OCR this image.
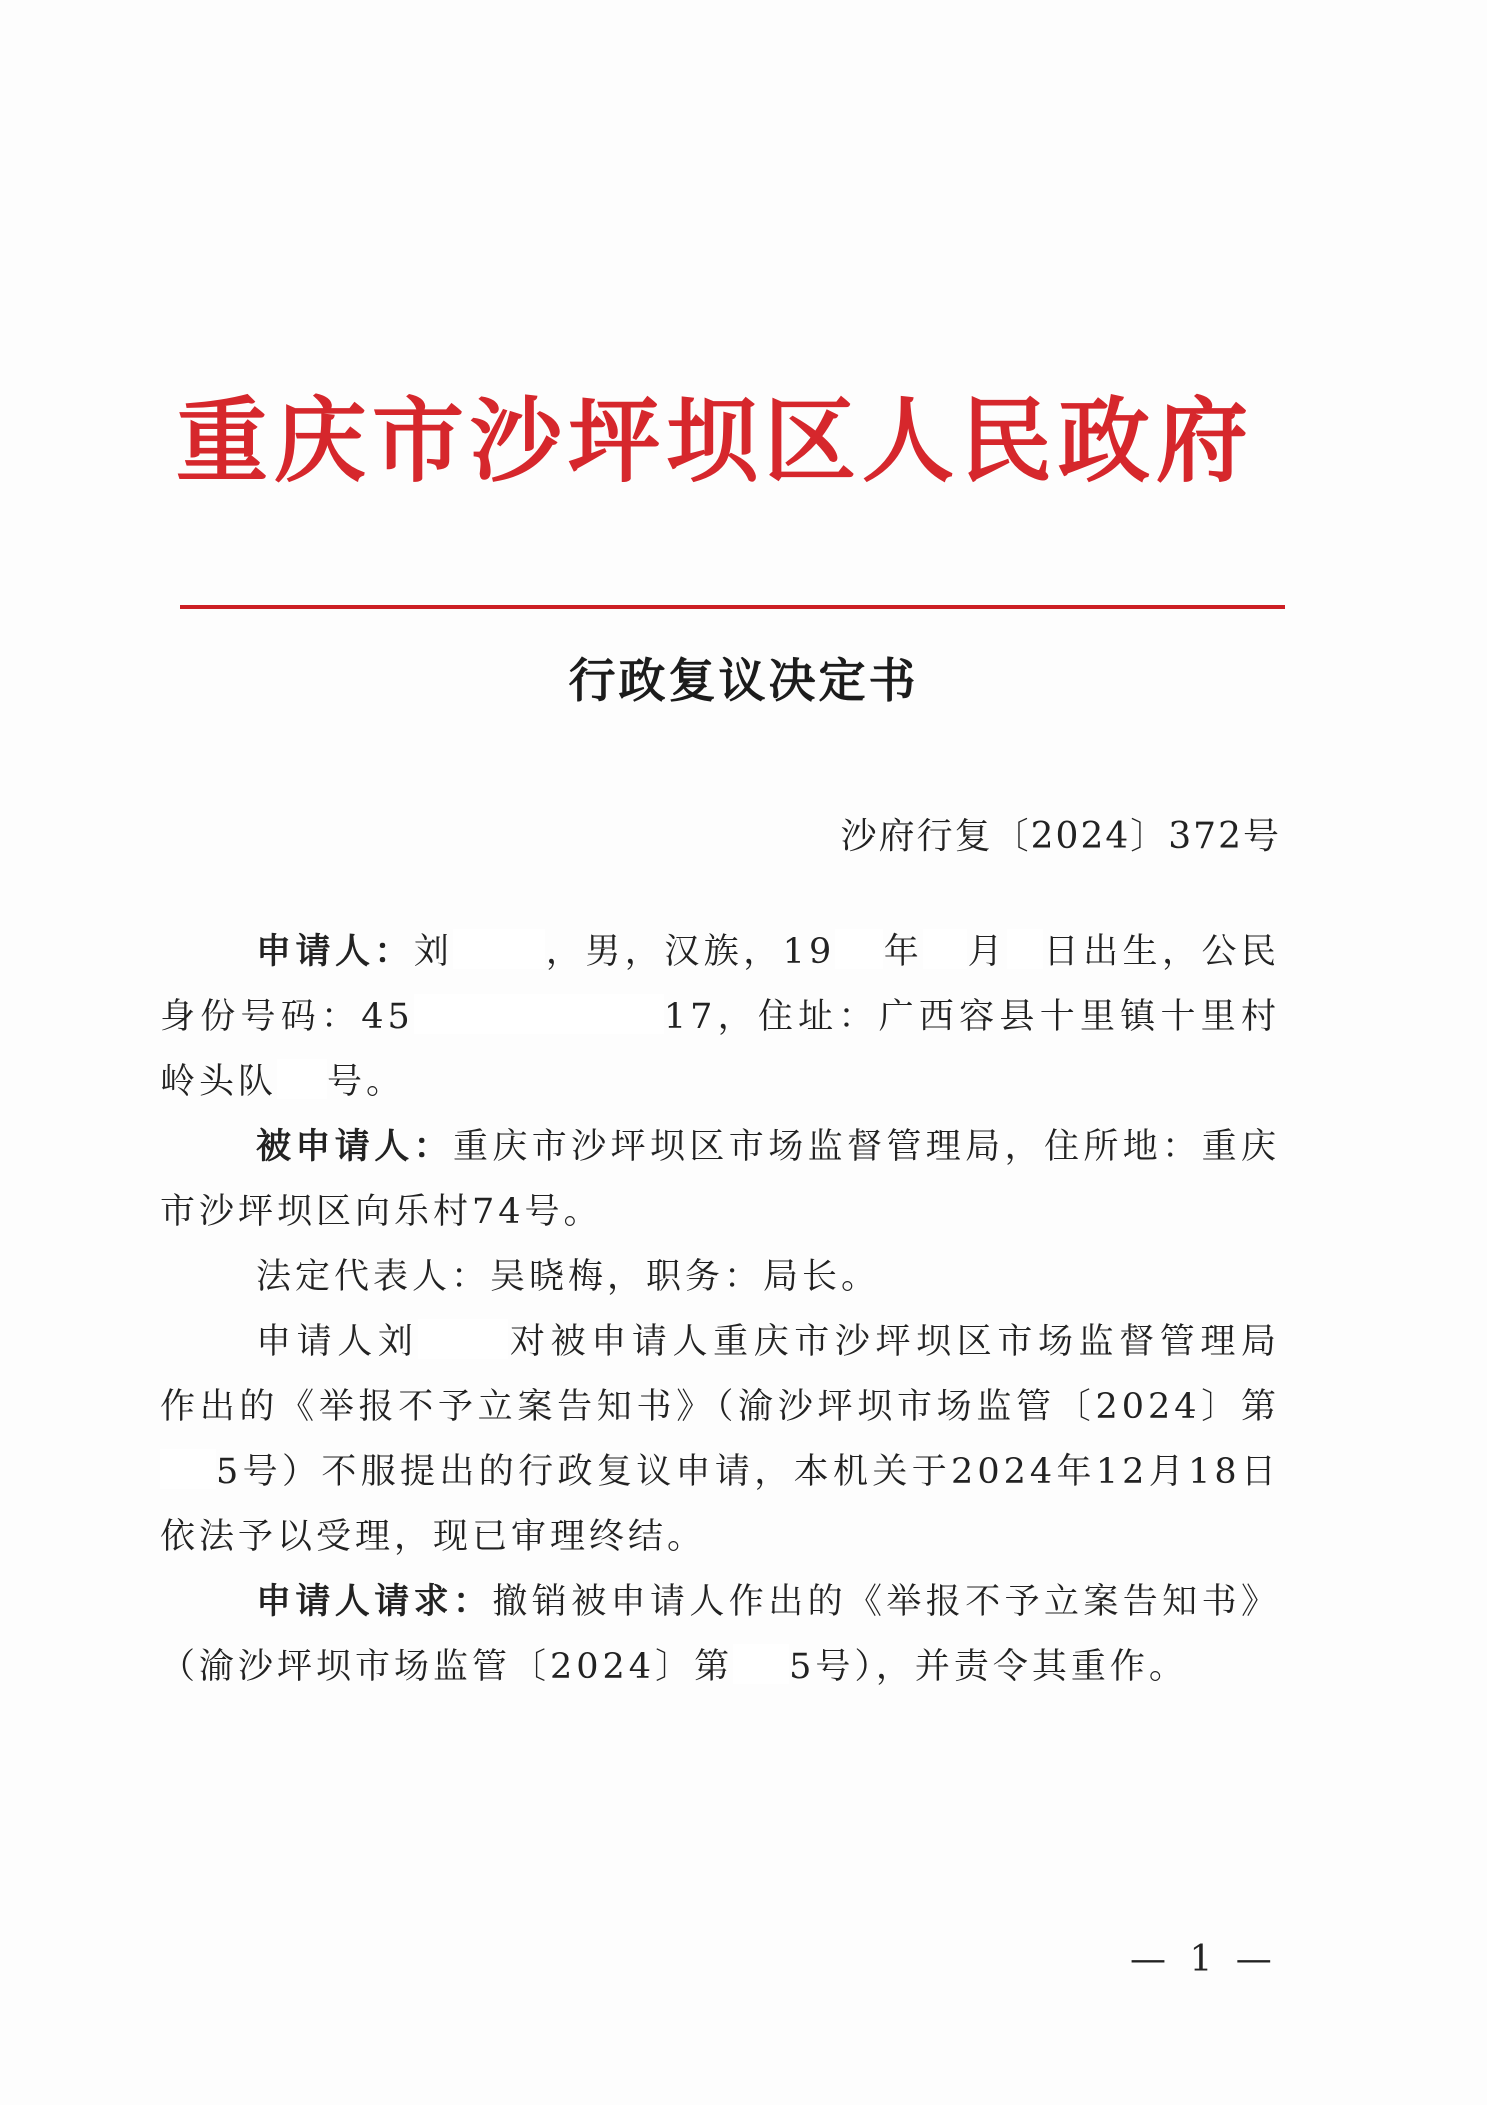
重庆市沙坪坝区人民政府
行政复议决定书
沙府行复〔2024〕372号

申请人：刘	，男，汉族，19 年 月 日出生，公民身份号码：45	17，住址：广西容县十里镇十里村岭头队 号。

被申请人：重庆市沙坪坝区市场监督管理局，住所地：重庆市沙坪坝区向乐村74号。

法定代表人：吴晓梅，职务：局长。

申请人刘	对被申请人重庆市沙坪坝区市场监督管理局作出的《举报不予立案告知书》（渝沙坪坝市场监管〔2024〕第5号）不服提出的行政复议申请，本机关于2024年12月18日依法予以受理，现已审理终结。

申请人请求：撤销被申请人作出的《举报不予立案告知书》（渝沙坪坝市场监管〔2024〕第 5号），并责令其重作。

— 1 —
